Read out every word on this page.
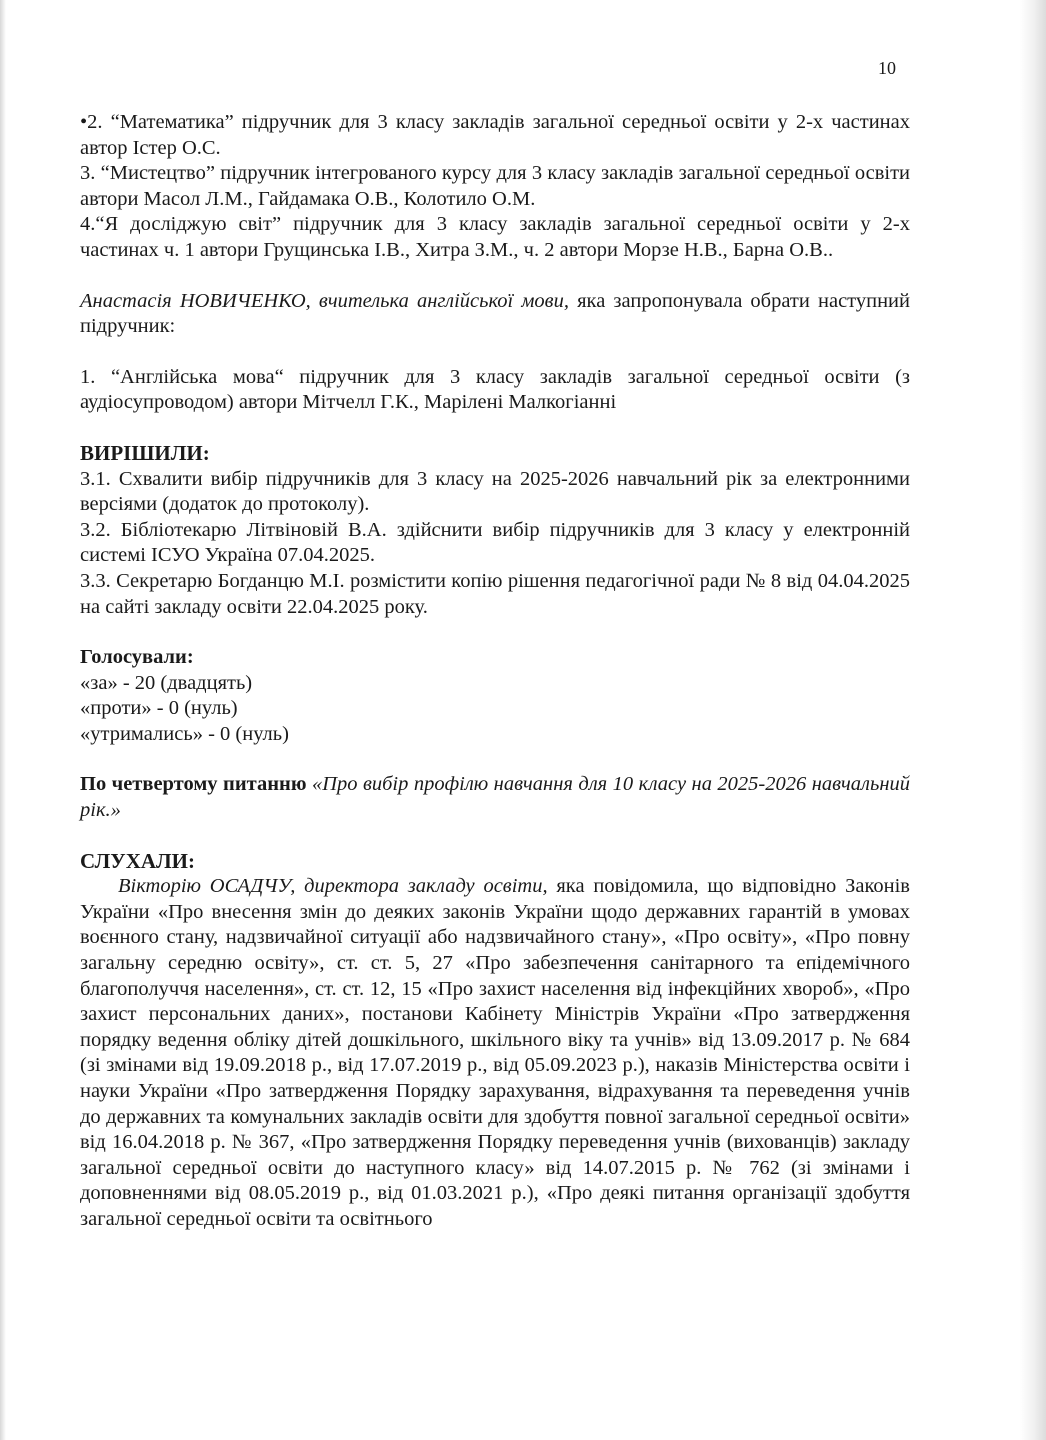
10

•2. “Математика” підручник для 3 класу закладів загальної середньої освіти у 2-х частинах автор Істер О.С.

3. “Мистецтво” підручник інтегрованого курсу для 3 класу закладів загальної середньої освіти автори Масол Л.М., Гайдамака О.В., Колотило О.М.

4.“Я досліджую світ” підручник для 3 класу закладів загальної середньої освіти у 2-х частинах ч. 1 автори Грущинська І.В., Хитра З.М., ч. 2 автори Морзе Н.В., Барна О.В..

Анастасія НОВИЧЕНКО, вчителька англійської мови, яка запропонувала обрати наступний підручник:

1. “Англійська мова“ підручник для 3 класу закладів загальної середньої освіти (з аудіосупроводом) автори Мітчелл Г.К., Марілені Малкогіанні

ВИРІШИЛИ:

3.1. Схвалити вибір підручників для 3 класу на 2025-2026 навчальний рік за електронними версіями (додаток до протоколу).

3.2. Бібліотекарю Літвіновій В.А. здійснити вибір підручників для 3 класу у електронній системі ІСУО Україна 07.04.2025.

3.3. Секретарю Богданцю М.І. розмістити копію рішення педагогічної ради № 8 від 04.04.2025 на сайті закладу освіти 22.04.2025 року.

Голосували:

«за» - 20 (двадцять)

«проти» - 0 (нуль)

«утримались» - 0 (нуль)

По четвертому питанню «Про вибір профілю навчання для 10 класу на 2025-2026 навчальний рік.»

СЛУХАЛИ:

Вікторію ОСАДЧУ, директора закладу освіти, яка повідомила, що відповідно Законів України «Про внесення змін до деяких законів України щодо державних гарантій в умовах воєнного стану, надзвичайної ситуації або надзвичайного стану», «Про освіту», «Про повну загальну середню освіту», ст. ст. 5, 27 «Про забезпечення санітарного та епідемічного благополуччя населення», ст. ст. 12, 15 «Про захист населення від інфекційних хвороб», «Про захист персональних даних», постанови Кабінету Міністрів України «Про затвердження порядку ведення обліку дітей дошкільного, шкільного віку та учнів» від 13.09.2017 р. № 684 (зі змінами від 19.09.2018 р., від 17.07.2019 р., від 05.09.2023 р.), наказів Міністерства освіти і науки України «Про затвердження Порядку зарахування, відрахування та переведення учнів до державних та комунальних закладів освіти для здобуття повної загальної середньої освіти» від 16.04.2018 р. № 367, «Про затвердження Порядку переведення учнів (вихованців) закладу загальної середньої освіти до наступного класу» від 14.07.2015 р. № 762 (зі змінами і доповненнями від 08.05.2019 р., від 01.03.2021 р.), «Про деякі питання організації здобуття загальної середньої освіти та освітнього
